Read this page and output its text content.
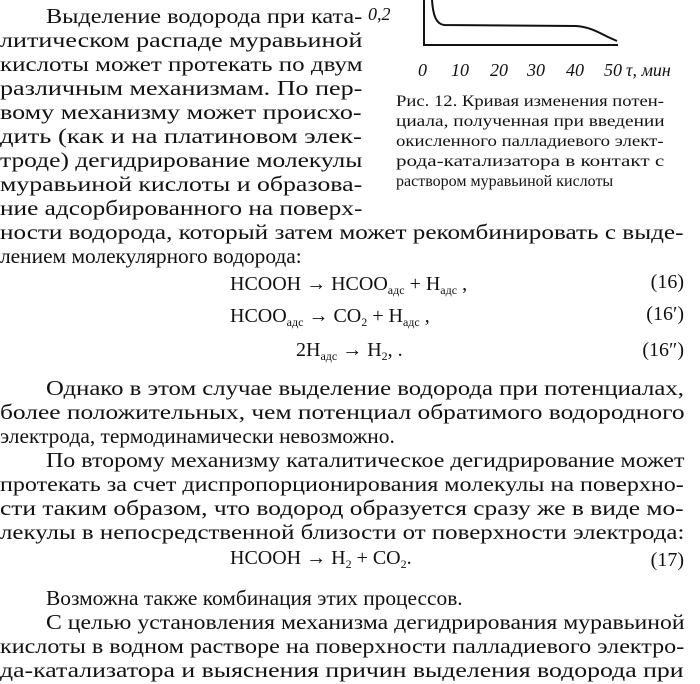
0,2
0 10 20 30 40 50 τ, мин
Рис. 12. Кривая изменения потен-
циала, полученная при введении
окисленного палладиевого элект-
рода-катализатора в контакт с
раствором муравьиной кислоты
Выделение водорода при ката-
литическом распаде муравьиной
кислоты может протекать по двум
различным механизмам. По пер-
вому механизму может происхо-
дить (как и на платиновом элек-
троде) дегидрирование молекулы
муравьиной кислоты и образова-
ние адсорбированного на поверх-
ности водорода, который затем может рекомбинировать с выде-
лением молекулярного водорода:
HCOOH → $HCOO_{адс} + H_{адс}$ ,	(16)
$HCOO_{адс} \to CO_2 + H_{адс}$ ,	(16′)
$2H_{адс} \to H_2$, .	(16″)
Однако в этом случае выделение водорода при потенциалах,
более положительных, чем потенциал обратимого водородного
электрода, термодинамически невозможно.
По второму механизму каталитическое дегидрирование может
протекать за счет диспропорционирования молекулы на поверхно-
сти таким образом, что водород образуется сразу же в виде мо-
лекулы в непосредственной близости от поверхности электрода:
HCOOH → $H_2 + CO_2$.	(17)
Возможна также комбинация этих процессов.
С целью установления механизма дегидрирования муравьиной
кислоты в водном растворе на поверхности палладиевого электро-
да-катализатора и выяснения причин выделения водорода при
